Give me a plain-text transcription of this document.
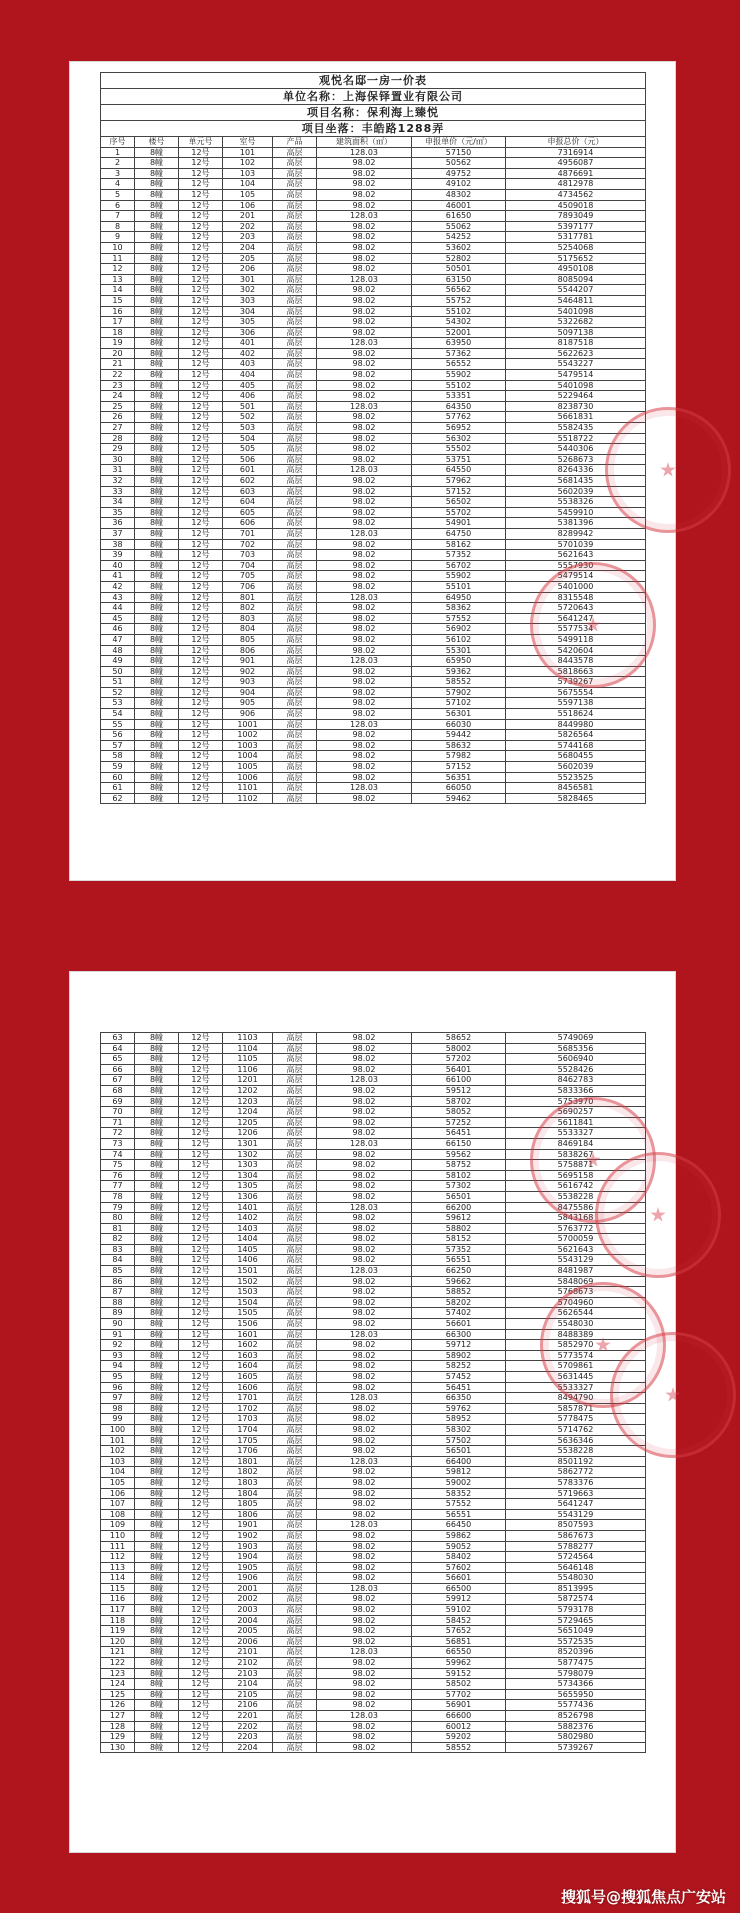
观悦名邸一房一价表							
单位名称：上海保铎置业有限公司							
项目名称：保利海上臻悦							
项目坐落：丰皓路1288弄							
序号	楼号	单元号	室号	产品	建筑面积（㎡）	申报单价（元/㎡）	申报总价（元）
1	8幢	12号	101	高层	128.03	57150	7316914
2	8幢	12号	102	高层	98.02	50562	4956087
3	8幢	12号	103	高层	98.02	49752	4876691
4	8幢	12号	104	高层	98.02	49102	4812978
5	8幢	12号	105	高层	98.02	48302	4734562
6	8幢	12号	106	高层	98.02	46001	4509018
7	8幢	12号	201	高层	128.03	61650	7893049
8	8幢	12号	202	高层	98.02	55062	5397177
9	8幢	12号	203	高层	98.02	54252	5317781
10	8幢	12号	204	高层	98.02	53602	5254068
11	8幢	12号	205	高层	98.02	52802	5175652
12	8幢	12号	206	高层	98.02	50501	4950108
13	8幢	12号	301	高层	128.03	63150	8085094
14	8幢	12号	302	高层	98.02	56562	5544207
15	8幢	12号	303	高层	98.02	55752	5464811
16	8幢	12号	304	高层	98.02	55102	5401098
17	8幢	12号	305	高层	98.02	54302	5322682
18	8幢	12号	306	高层	98.02	52001	5097138
19	8幢	12号	401	高层	128.03	63950	8187518
20	8幢	12号	402	高层	98.02	57362	5622623
21	8幢	12号	403	高层	98.02	56552	5543227
22	8幢	12号	404	高层	98.02	55902	5479514
23	8幢	12号	405	高层	98.02	55102	5401098
24	8幢	12号	406	高层	98.02	53351	5229464
25	8幢	12号	501	高层	128.03	64350	8238730
26	8幢	12号	502	高层	98.02	57762	5661831
27	8幢	12号	503	高层	98.02	56952	5582435
28	8幢	12号	504	高层	98.02	56302	5518722
29	8幢	12号	505	高层	98.02	55502	5440306
30	8幢	12号	506	高层	98.02	53751	5268673
31	8幢	12号	601	高层	128.03	64550	8264336
32	8幢	12号	602	高层	98.02	57962	5681435
33	8幢	12号	603	高层	98.02	57152	5602039
34	8幢	12号	604	高层	98.02	56502	5538326
35	8幢	12号	605	高层	98.02	55702	5459910
36	8幢	12号	606	高层	98.02	54901	5381396
37	8幢	12号	701	高层	128.03	64750	8289942
38	8幢	12号	702	高层	98.02	58162	5701039
39	8幢	12号	703	高层	98.02	57352	5621643
40	8幢	12号	704	高层	98.02	56702	5557930
41	8幢	12号	705	高层	98.02	55902	5479514
42	8幢	12号	706	高层	98.02	55101	5401000
43	8幢	12号	801	高层	128.03	64950	8315548
44	8幢	12号	802	高层	98.02	58362	5720643
45	8幢	12号	803	高层	98.02	57552	5641247
46	8幢	12号	804	高层	98.02	56902	5577534
47	8幢	12号	805	高层	98.02	56102	5499118
48	8幢	12号	806	高层	98.02	55301	5420604
49	8幢	12号	901	高层	128.03	65950	8443578
50	8幢	12号	902	高层	98.02	59362	5818663
51	8幢	12号	903	高层	98.02	58552	5739267
52	8幢	12号	904	高层	98.02	57902	5675554
53	8幢	12号	905	高层	98.02	57102	5597138
54	8幢	12号	906	高层	98.02	56301	5518624
55	8幢	12号	1001	高层	128.03	66030	8449980
56	8幢	12号	1002	高层	98.02	59442	5826564
57	8幢	12号	1003	高层	98.02	58632	5744168
58	8幢	12号	1004	高层	98.02	57982	5680455
59	8幢	12号	1005	高层	98.02	57152	5602039
60	8幢	12号	1006	高层	98.02	56351	5523525
61	8幢	12号	1101	高层	128.03	66050	8456581
62	8幢	12号	1102	高层	98.02	59462	5828465
63	8幢	12号	1103	高层	98.02	58652	5749069
64	8幢	12号	1104	高层	98.02	58002	5685356
65	8幢	12号	1105	高层	98.02	57202	5606940
66	8幢	12号	1106	高层	98.02	56401	5528426
67	8幢	12号	1201	高层	128.03	66100	8462783
68	8幢	12号	1202	高层	98.02	59512	5833366
69	8幢	12号	1203	高层	98.02	58702	5753970
70	8幢	12号	1204	高层	98.02	58052	5690257
71	8幢	12号	1205	高层	98.02	57252	5611841
72	8幢	12号	1206	高层	98.02	56451	5533327
73	8幢	12号	1301	高层	128.03	66150	8469184
74	8幢	12号	1302	高层	98.02	59562	5838267
75	8幢	12号	1303	高层	98.02	58752	5758871
76	8幢	12号	1304	高层	98.02	58102	5695158
77	8幢	12号	1305	高层	98.02	57302	5616742
78	8幢	12号	1306	高层	98.02	56501	5538228
79	8幢	12号	1401	高层	128.03	66200	8475586
80	8幢	12号	1402	高层	98.02	59612	5843168
81	8幢	12号	1403	高层	98.02	58802	5763772
82	8幢	12号	1404	高层	98.02	58152	5700059
83	8幢	12号	1405	高层	98.02	57352	5621643
84	8幢	12号	1406	高层	98.02	56551	5543129
85	8幢	12号	1501	高层	128.03	66250	8481987
86	8幢	12号	1502	高层	98.02	59662	5848069
87	8幢	12号	1503	高层	98.02	58852	5768673
88	8幢	12号	1504	高层	98.02	58202	5704960
89	8幢	12号	1505	高层	98.02	57402	5626544
90	8幢	12号	1506	高层	98.02	56601	5548030
91	8幢	12号	1601	高层	128.03	66300	8488389
92	8幢	12号	1602	高层	98.02	59712	5852970
93	8幢	12号	1603	高层	98.02	58902	5773574
94	8幢	12号	1604	高层	98.02	58252	5709861
95	8幢	12号	1605	高层	98.02	57452	5631445
96	8幢	12号	1606	高层	98.02	56451	5533327
97	8幢	12号	1701	高层	128.03	66350	8494790
98	8幢	12号	1702	高层	98.02	59762	5857871
99	8幢	12号	1703	高层	98.02	58952	5778475
100	8幢	12号	1704	高层	98.02	58302	5714762
101	8幢	12号	1705	高层	98.02	57502	5636346
102	8幢	12号	1706	高层	98.02	56501	5538228
103	8幢	12号	1801	高层	128.03	66400	8501192
104	8幢	12号	1802	高层	98.02	59812	5862772
105	8幢	12号	1803	高层	98.02	59002	5783376
106	8幢	12号	1804	高层	98.02	58352	5719663
107	8幢	12号	1805	高层	98.02	57552	5641247
108	8幢	12号	1806	高层	98.02	56551	5543129
109	8幢	12号	1901	高层	128.03	66450	8507593
110	8幢	12号	1902	高层	98.02	59862	5867673
111	8幢	12号	1903	高层	98.02	59052	5788277
112	8幢	12号	1904	高层	98.02	58402	5724564
113	8幢	12号	1905	高层	98.02	57602	5646148
114	8幢	12号	1906	高层	98.02	56601	5548030
115	8幢	12号	2001	高层	128.03	66500	8513995
116	8幢	12号	2002	高层	98.02	59912	5872574
117	8幢	12号	2003	高层	98.02	59102	5793178
118	8幢	12号	2004	高层	98.02	58452	5729465
119	8幢	12号	2005	高层	98.02	57652	5651049
120	8幢	12号	2006	高层	98.02	56851	5572535
121	8幢	12号	2101	高层	128.03	66550	8520396
122	8幢	12号	2102	高层	98.02	59962	5877475
123	8幢	12号	2103	高层	98.02	59152	5798079
124	8幢	12号	2104	高层	98.02	58502	5734366
125	8幢	12号	2105	高层	98.02	57702	5655950
126	8幢	12号	2106	高层	98.02	56901	5577436
127	8幢	12号	2201	高层	128.03	66600	8526798
128	8幢	12号	2202	高层	98.02	60012	5882376
129	8幢	12号	2203	高层	98.02	59202	5802980
130	8幢	12号	2204	高层	98.02	58552	5739267
搜狐号@搜狐焦点广安站
